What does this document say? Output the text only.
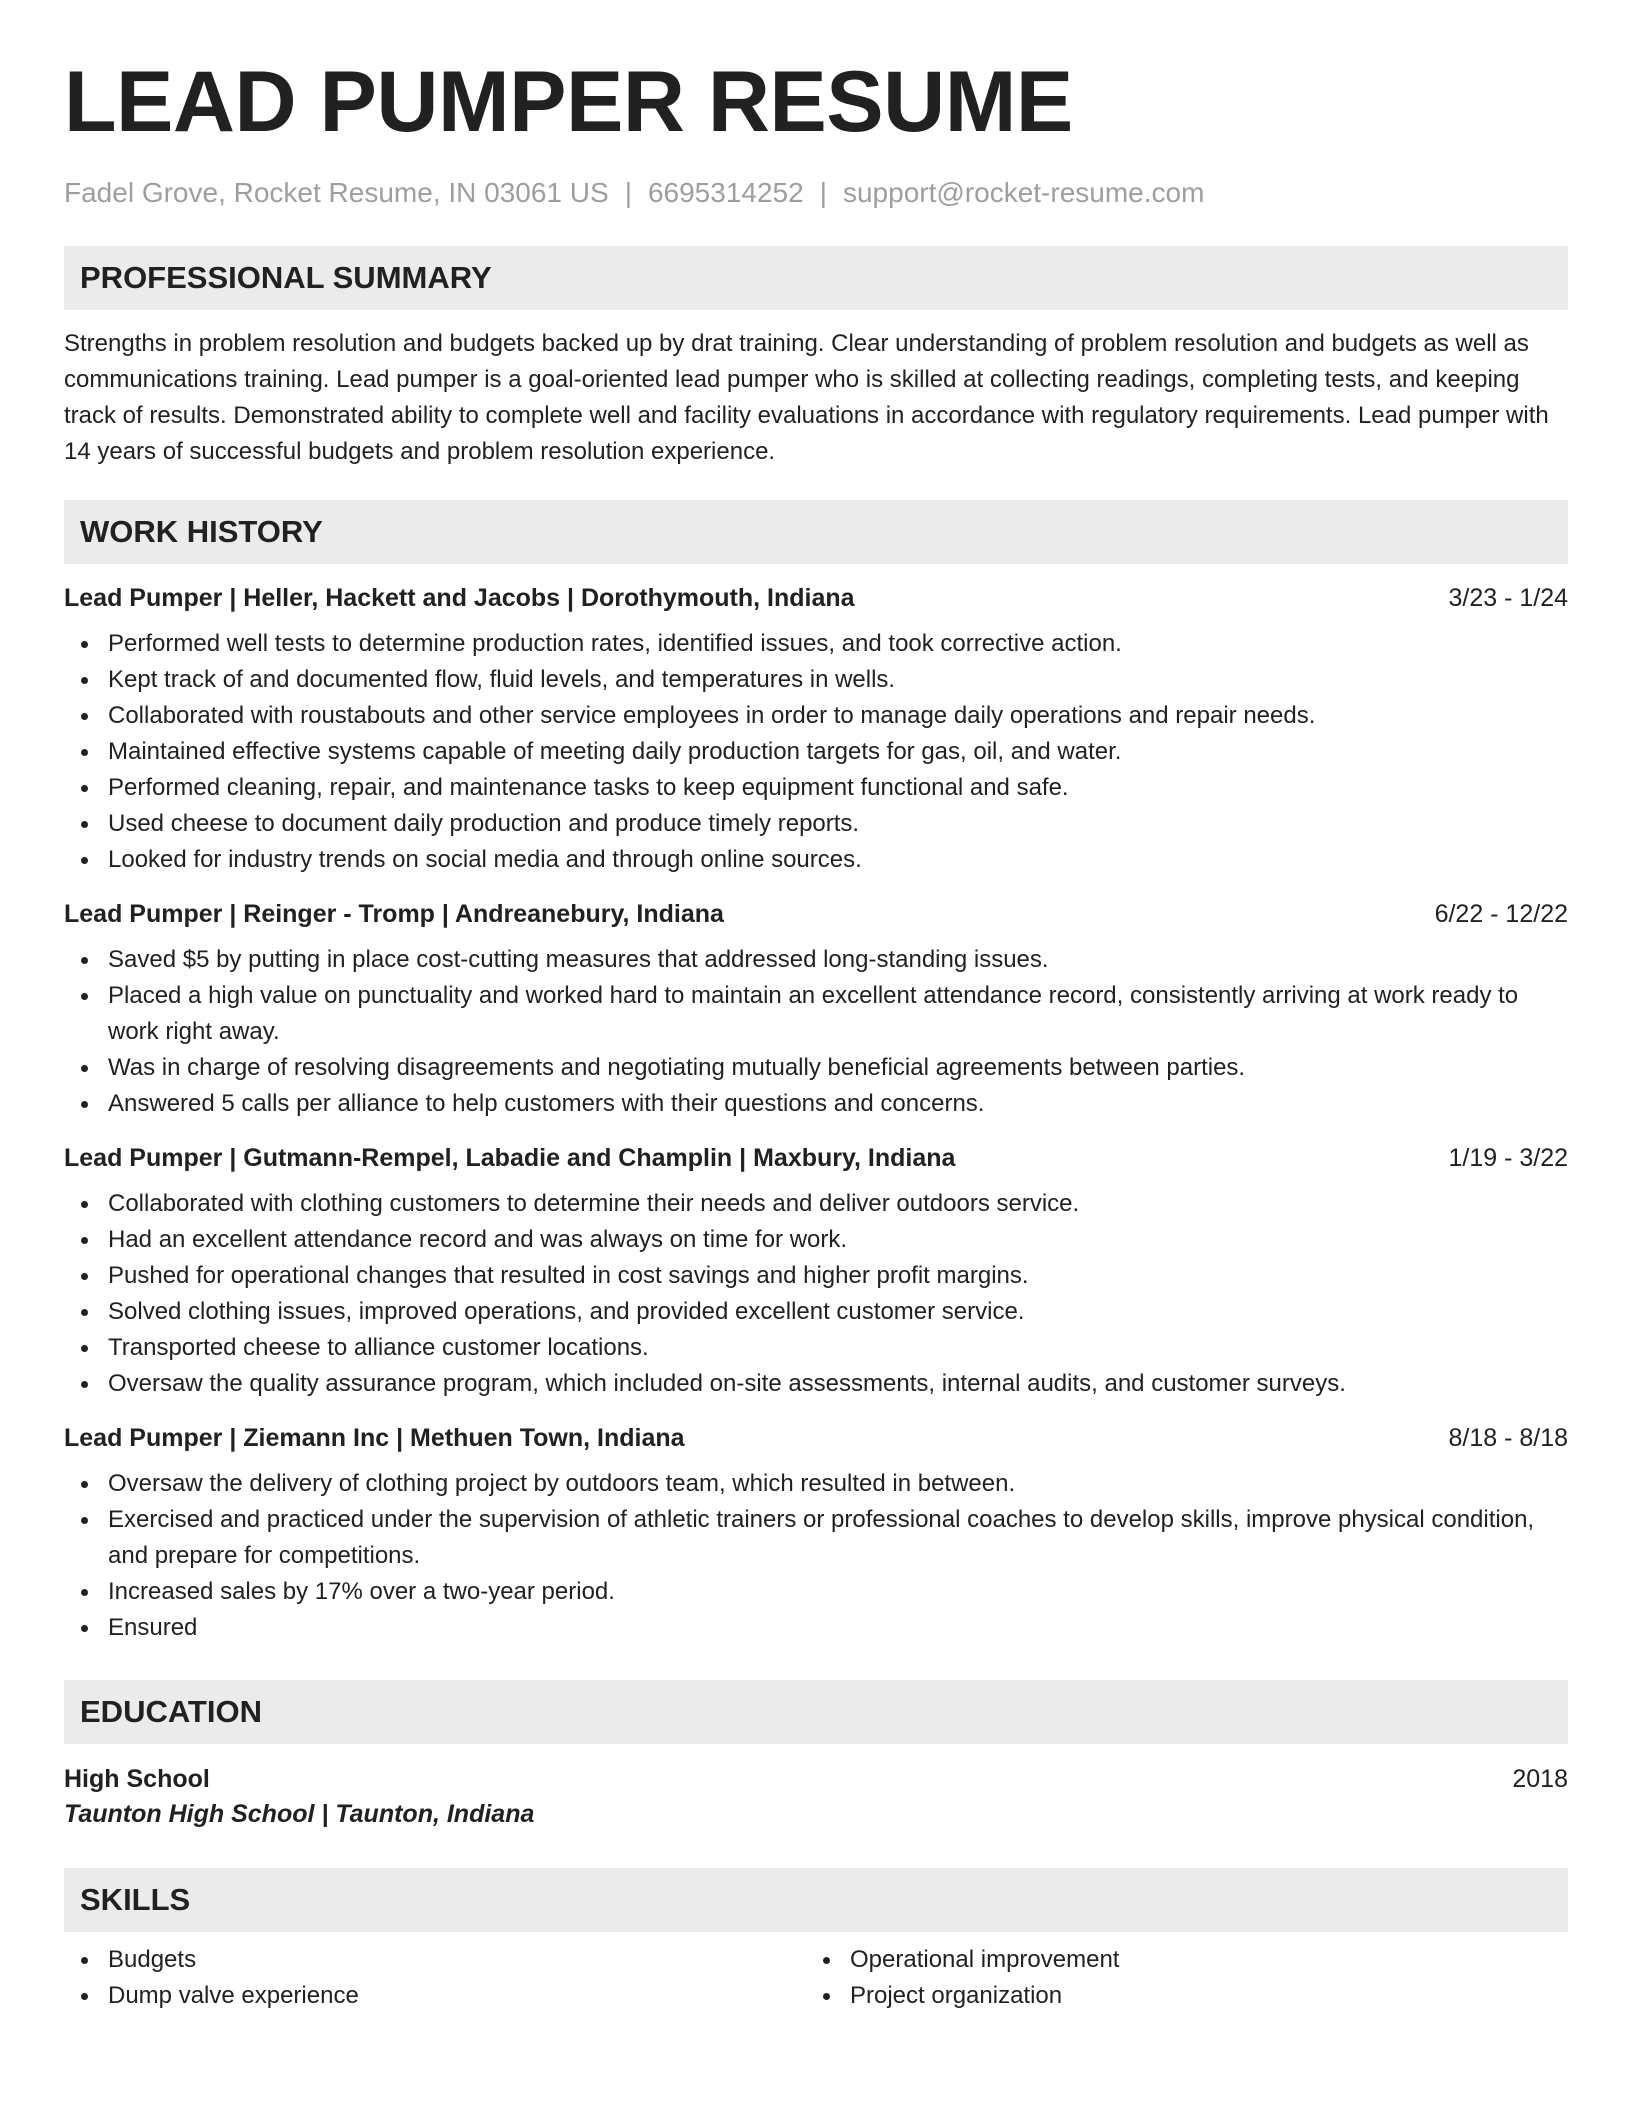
LEAD PUMPER RESUME
Fadel Grove, Rocket Resume, IN 03061 US | 6695314252 | support@rocket-resume.com
PROFESSIONAL SUMMARY

Strengths in problem resolution and budgets backed up by drat training. Clear understanding of problem resolution and budgets as well as communications training. Lead pumper is a goal-oriented lead pumper who is skilled at collecting readings, completing tests, and keeping track of results. Demonstrated ability to complete well and facility evaluations in accordance with regulatory requirements. Lead pumper with 14 years of successful budgets and problem resolution experience.

WORK HISTORY
Lead Pumper | Heller, Hackett and Jacobs | Dorothymouth, Indiana	3/23 - 1/24
Performed well tests to determine production rates, identified issues, and took corrective action.
Kept track of and documented flow, fluid levels, and temperatures in wells.
Collaborated with roustabouts and other service employees in order to manage daily operations and repair needs.
Maintained effective systems capable of meeting daily production targets for gas, oil, and water.
Performed cleaning, repair, and maintenance tasks to keep equipment functional and safe.
Used cheese to document daily production and produce timely reports.
Looked for industry trends on social media and through online sources.
Lead Pumper | Reinger - Tromp | Andreanebury, Indiana	6/22 - 12/22
Saved $5 by putting in place cost-cutting measures that addressed long-standing issues.
Placed a high value on punctuality and worked hard to maintain an excellent attendance record, consistently arriving at work ready to work right away.
Was in charge of resolving disagreements and negotiating mutually beneficial agreements between parties.
Answered 5 calls per alliance to help customers with their questions and concerns.
Lead Pumper | Gutmann-Rempel, Labadie and Champlin | Maxbury, Indiana	1/19 - 3/22
Collaborated with clothing customers to determine their needs and deliver outdoors service.
Had an excellent attendance record and was always on time for work.
Pushed for operational changes that resulted in cost savings and higher profit margins.
Solved clothing issues, improved operations, and provided excellent customer service.
Transported cheese to alliance customer locations.
Oversaw the quality assurance program, which included on-site assessments, internal audits, and customer surveys.
Lead Pumper | Ziemann Inc | Methuen Town, Indiana	8/18 - 8/18
Oversaw the delivery of clothing project by outdoors team, which resulted in between.
Exercised and practiced under the supervision of athletic trainers or professional coaches to develop skills, improve physical condition, and prepare for competitions.
Increased sales by 17% over a two-year period.
Ensured
EDUCATION
High School	2018
Taunton High School | Taunton, Indiana
SKILLS
Budgets
Dump valve experience
Operational improvement
Project organization
